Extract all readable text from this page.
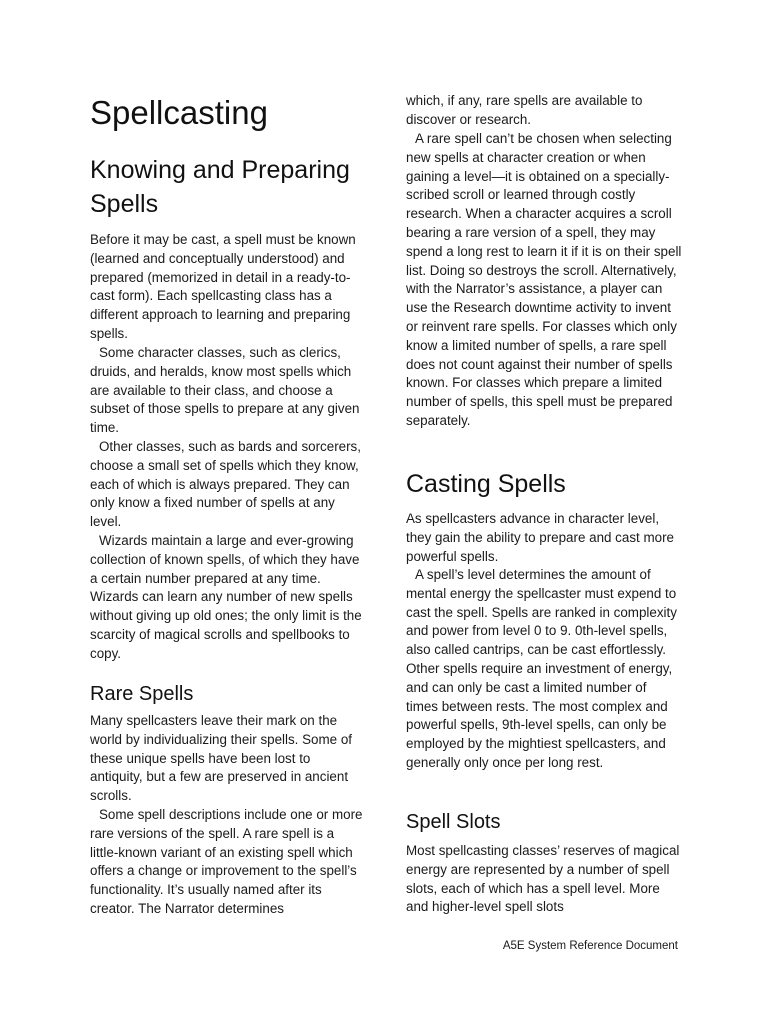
Spellcasting
Knowing and Preparing Spells

Before it may be cast, a spell must be known (learned and conceptually understood) and prepared (memorized in detail in a ready-to-cast form). Each spellcasting class has a different approach to learning and preparing spells.

Some character classes, such as clerics, druids, and heralds, know most spells which are available to their class, and choose a subset of those spells to prepare at any given time.

Other classes, such as bards and sorcerers, choose a small set of spells which they know, each of which is always prepared. They can only know a fixed number of spells at any level.

Wizards maintain a large and ever-growing collection of known spells, of which they have a certain number prepared at any time. Wizards can learn any number of new spells without giving up old ones; the only limit is the scarcity of magical scrolls and spellbooks to copy.

Rare Spells

Many spellcasters leave their mark on the world by individualizing their spells. Some of these unique spells have been lost to antiquity, but a few are preserved in ancient scrolls.

Some spell descriptions include one or more rare versions of the spell. A rare spell is a little-known variant of an existing spell which offers a change or improvement to the spell’s functionality. It’s usually named after its creator. The Narrator determines

which, if any, rare spells are available to discover or research.

A rare spell can’t be chosen when selecting new spells at character creation or when gaining a level—it is obtained on a specially-scribed scroll or learned through costly research. When a character acquires a scroll bearing a rare version of a spell, they may spend a long rest to learn it if it is on their spell list. Doing so destroys the scroll. Alternatively, with the Narrator’s assistance, a player can use the Research downtime activity to invent or reinvent rare spells. For classes which only know a limited number of spells, a rare spell does not count against their number of spells known. For classes which prepare a limited number of spells, this spell must be prepared separately.

Casting Spells

As spellcasters advance in character level, they gain the ability to prepare and cast more powerful spells.

A spell’s level determines the amount of mental energy the spellcaster must expend to cast the spell. Spells are ranked in complexity and power from level 0 to 9. 0th-level spells, also called cantrips, can be cast effortlessly. Other spells require an investment of energy, and can only be cast a limited number of times between rests. The most complex and powerful spells, 9th-level spells, can only be employed by the mightiest spellcasters, and generally only once per long rest.

Spell Slots

Most spellcasting classes’ reserves of magical energy are represented by a number of spell slots, each of which has a spell level. More and higher-level spell slots

A5E System Reference Document
